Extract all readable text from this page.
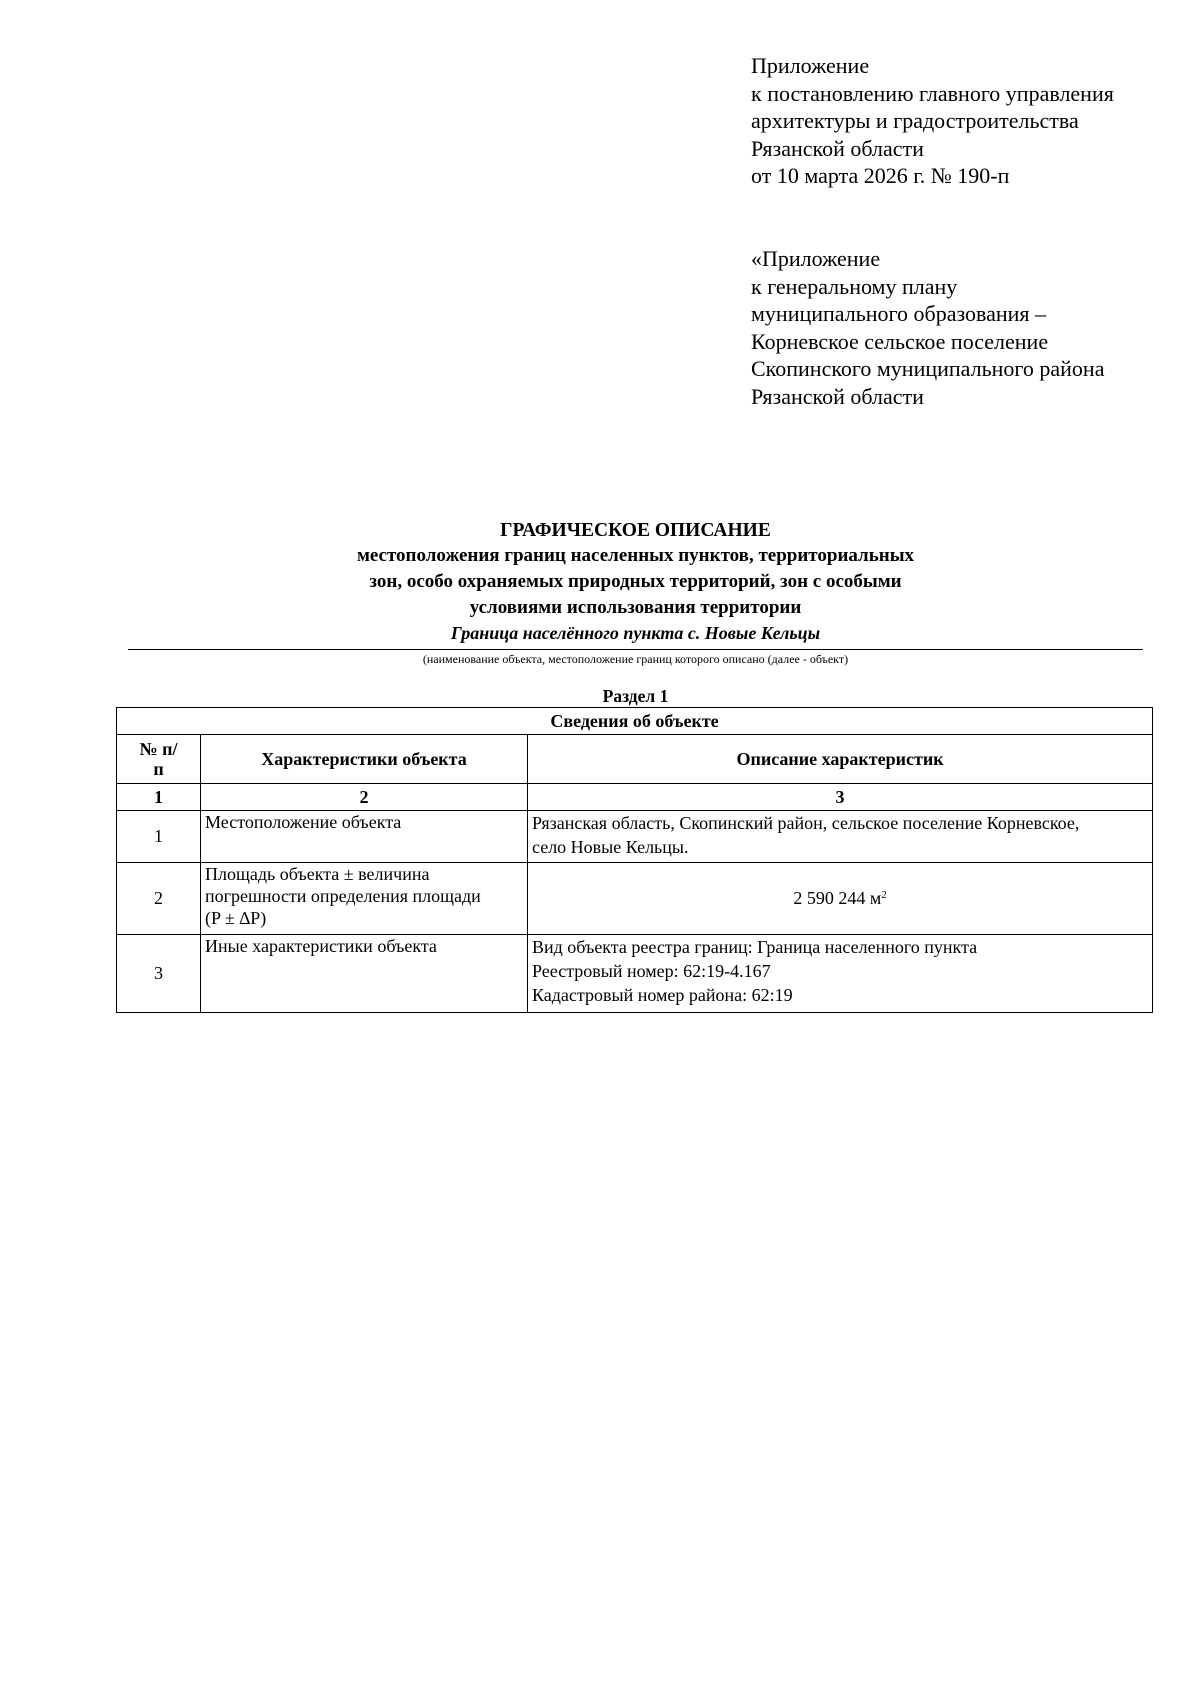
Приложение
к постановлению главного управления
архитектуры и градостроительства
Рязанской области
от 10 марта 2026 г. № 190-п
«Приложение
к генеральному плану
муниципального образования –
Корневское сельское поселение
Скопинского муниципального района
Рязанской области
ГРАФИЧЕСКОЕ ОПИСАНИЕ
местоположения границ населенных пунктов, территориальных
зон, особо охраняемых природных территорий, зон с особыми
условиями использования территории
Граница населённого пункта с. Новые Кельцы
(наименование объекта, местоположение границ которого описано (далее - объект)
Раздел 1
Сведения об объекте		
№ п/п	Характеристики объекта	Описание характеристик
1	2	3
1	Местоположение объекта	Рязанская область, Скопинский район, сельское поселение Корневское,
село Новые Кельцы.

2	Площадь объекта ± величина
погрешности определения площади
(P ± ∆P)	2 590 244 $м^2$
3	Иные характеристики объекта	Вид объекта реестра границ: Граница населенного пункта
Реестровый номер: 62:19-4.167
Кадастровый номер района: 62:19
